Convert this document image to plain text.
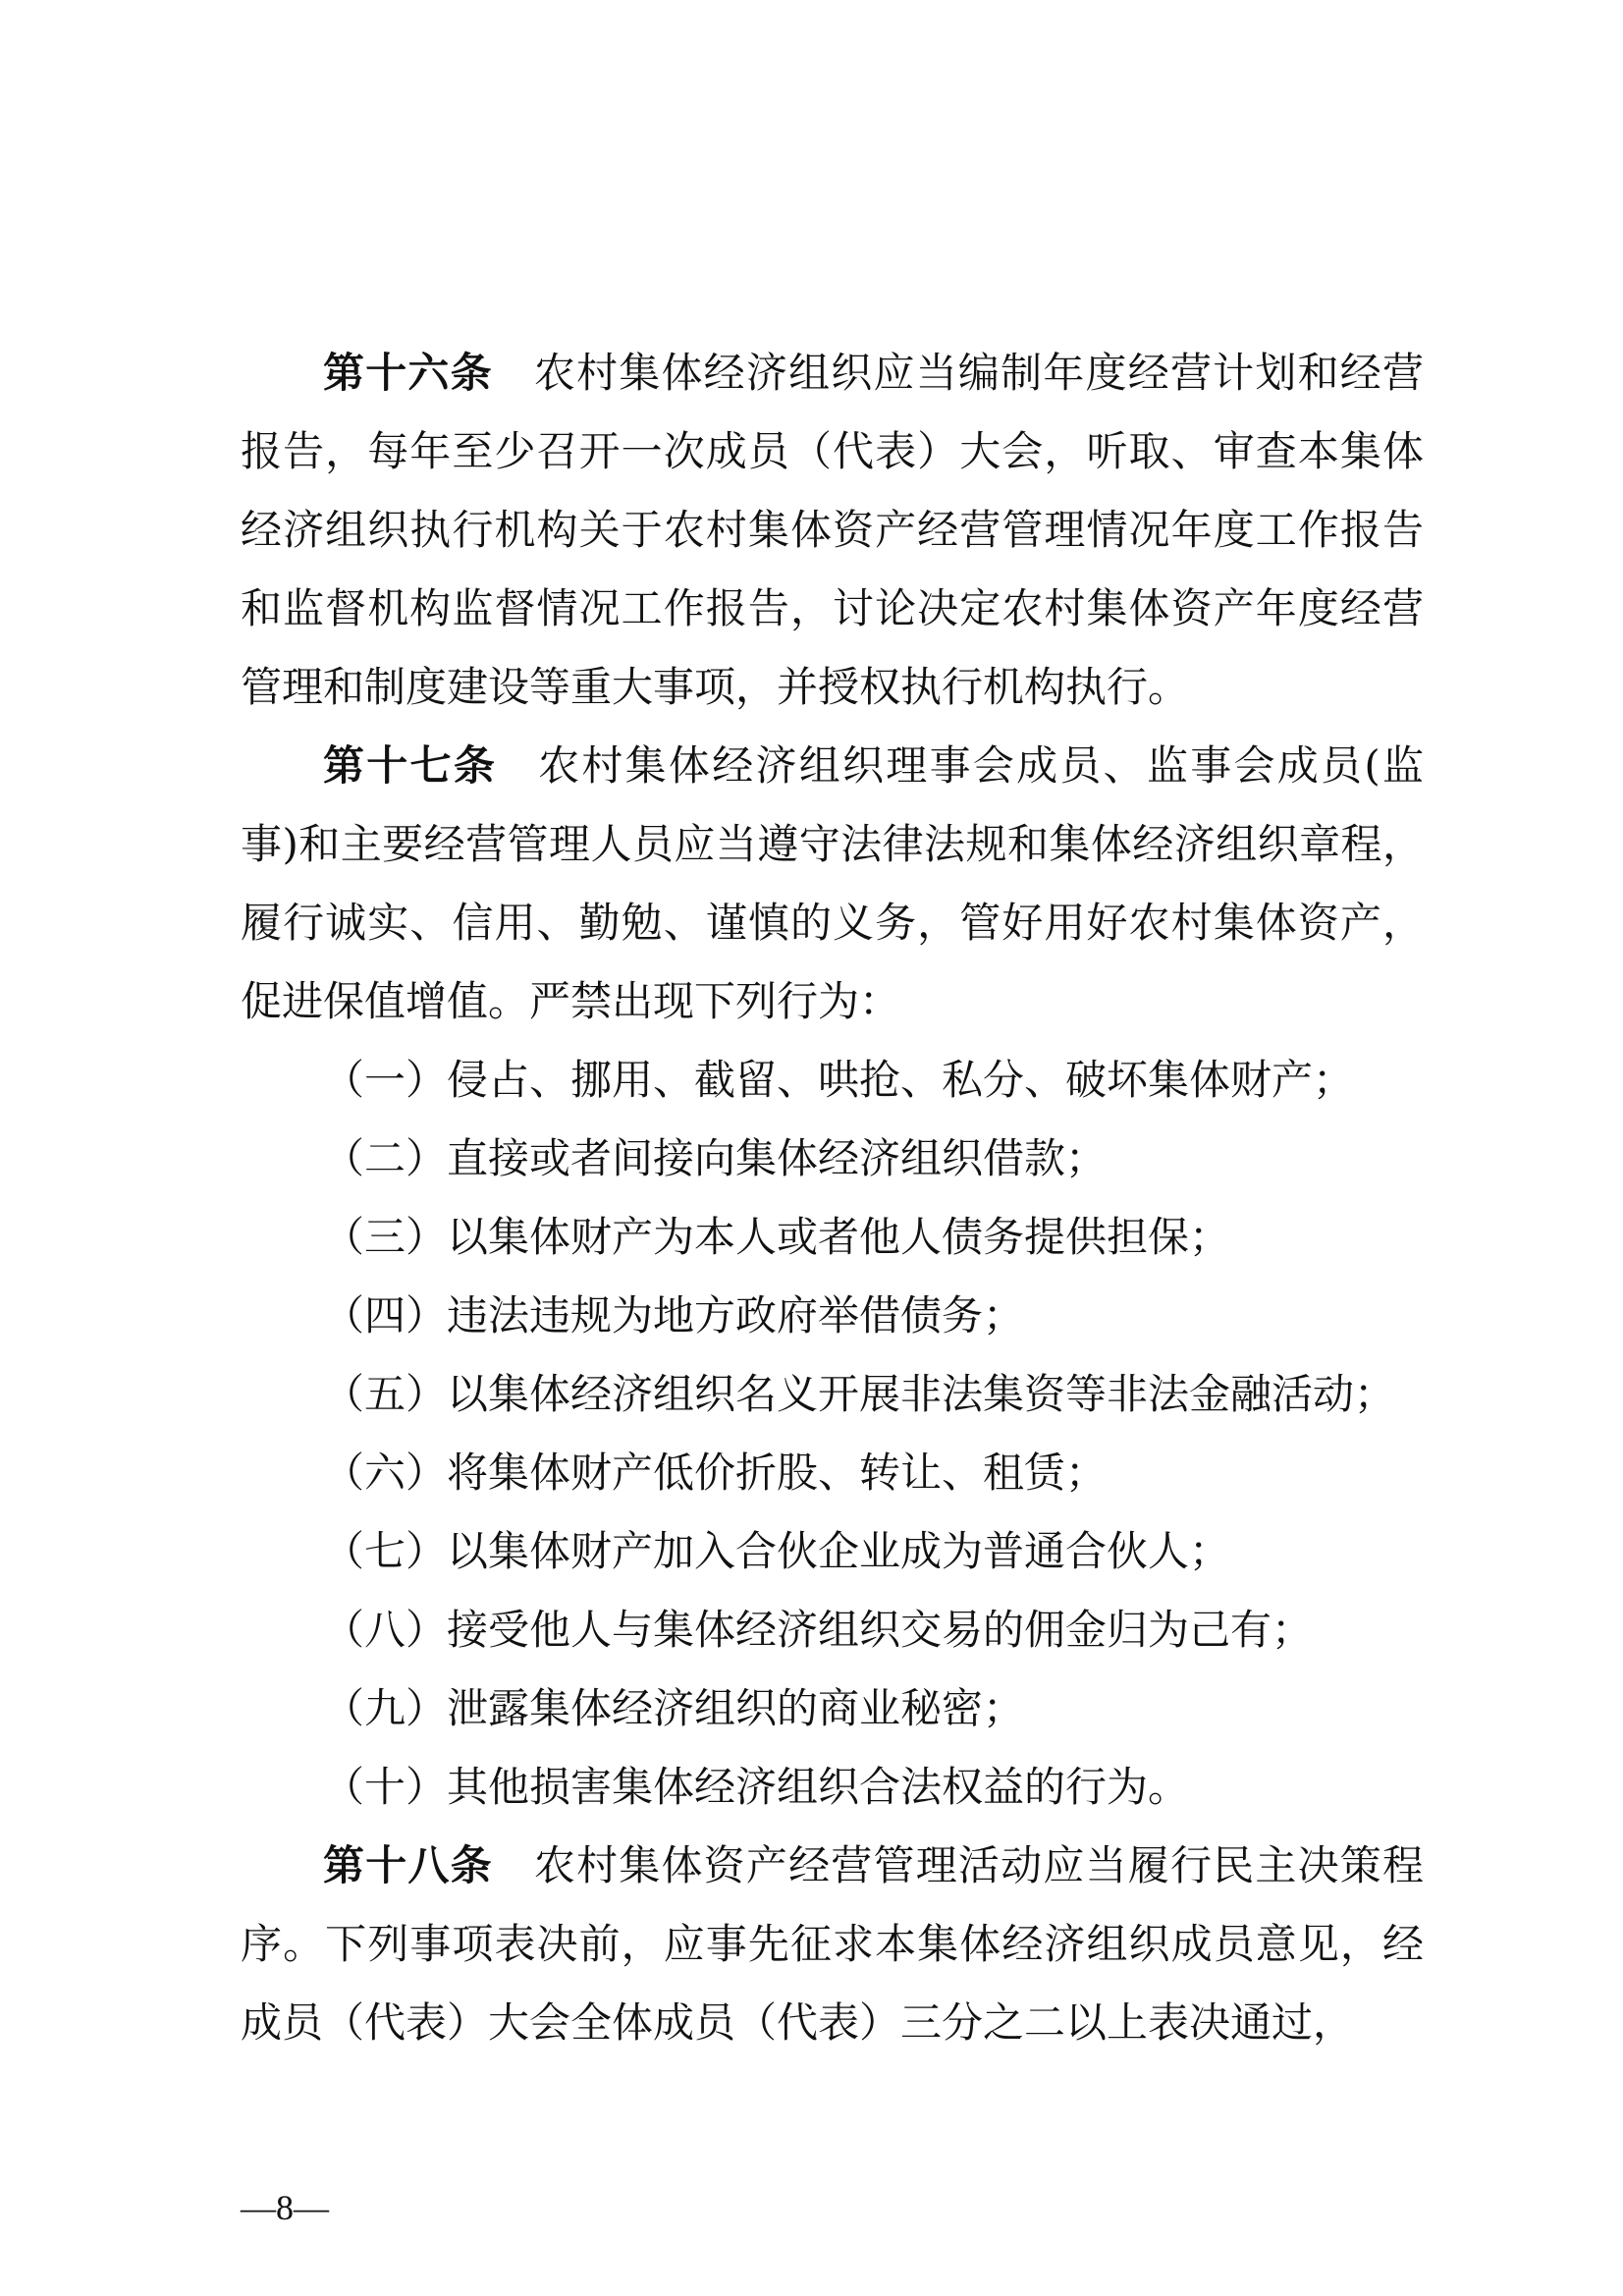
第十六条 农村集体经济组织应当编制年度经营计划和经营报告，每年至少召开一次成员（代表）大会，听取、审查本集体经济组织执行机构关于农村集体资产经营管理情况年度工作报告和监督机构监督情况工作报告，讨论决定农村集体资产年度经营管理和制度建设等重大事项，并授权执行机构执行。

第十七条 农村集体经济组织理事会成员、监事会成员(监事)和主要经营管理人员应当遵守法律法规和集体经济组织章程，履行诚实、信用、勤勉、谨慎的义务，管好用好农村集体资产，促进保值增值。严禁出现下列行为：

（一）侵占、挪用、截留、哄抢、私分、破坏集体财产；

（二）直接或者间接向集体经济组织借款；

（三）以集体财产为本人或者他人债务提供担保；

（四）违法违规为地方政府举借债务；

（五）以集体经济组织名义开展非法集资等非法金融活动；

（六）将集体财产低价折股、转让、租赁；

（七）以集体财产加入合伙企业成为普通合伙人；

（八）接受他人与集体经济组织交易的佣金归为己有；

（九）泄露集体经济组织的商业秘密；

（十）其他损害集体经济组织合法权益的行为。

第十八条 农村集体资产经营管理活动应当履行民主决策程序。下列事项表决前，应事先征求本集体经济组织成员意见，经成员（代表）大会全体成员（代表）三分之二以上表决通过，

—8—
